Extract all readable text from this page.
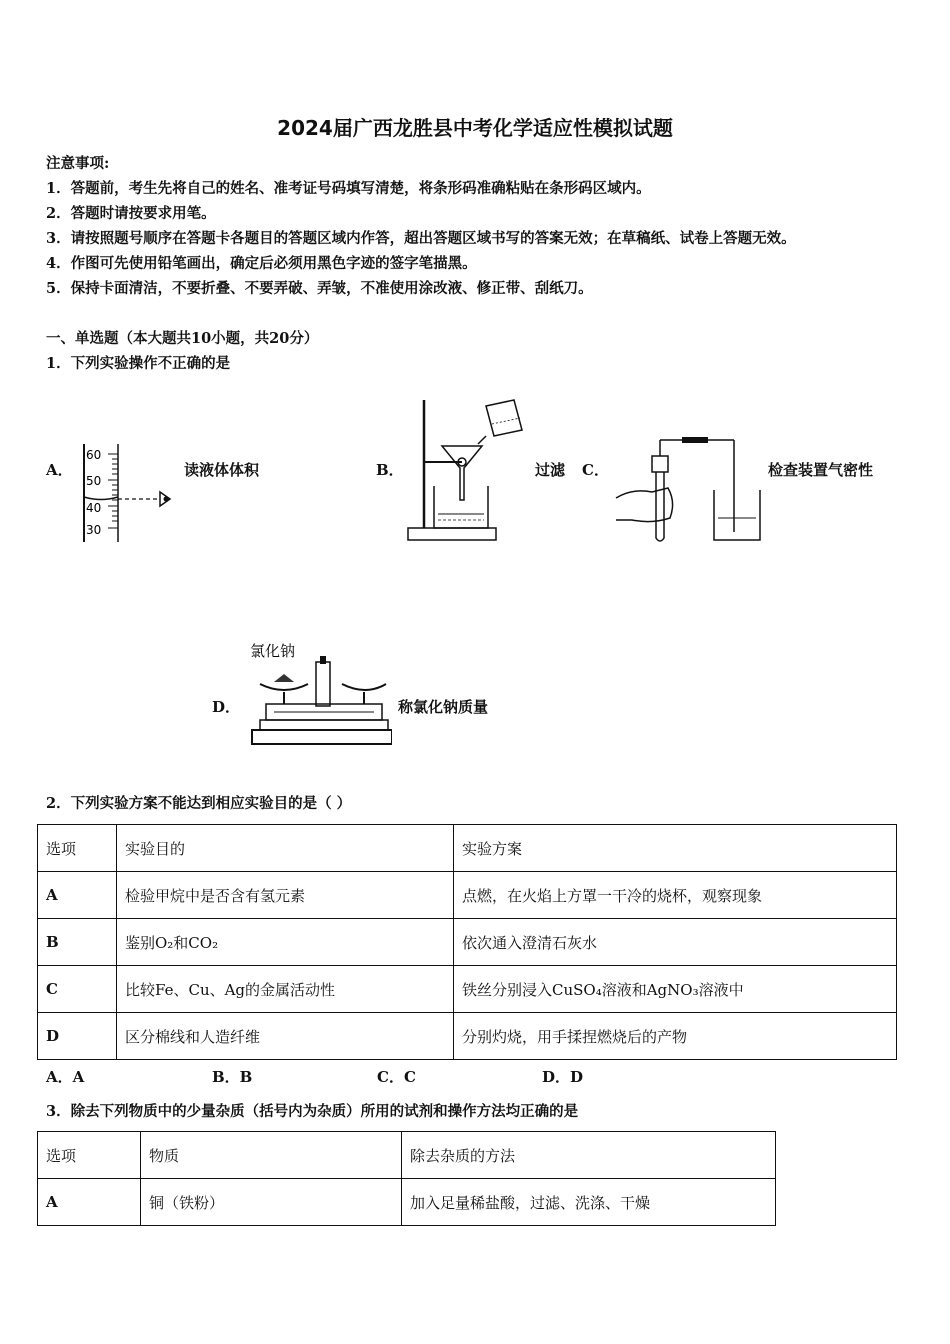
2024届广西龙胜县中考化学适应性模拟试题
注意事项:
1．答题前，考生先将自己的姓名、准考证号码填写清楚，将条形码准确粘贴在条形码区域内。
2．答题时请按要求用笔。
3．请按照题号顺序在答题卡各题目的答题区域内作答，超出答题区域书写的答案无效；在草稿纸、试卷上答题无效。
4．作图可先使用铅笔画出，确定后必须用黑色字迹的签字笔描黑。
5．保持卡面清洁，不要折叠、不要弄破、弄皱，不准使用涂改液、修正带、刮纸刀。
一、单选题（本大题共10小题，共20分）
1．下列实验操作不正确的是
A．	读液体体积	B．	过滤 C．	检查装置气密性
D．	称氯化钠质量
60
50
40
30
氯化钠
2．下列实验方案不能达到相应实验目的是（ ）
选项	实验目的	实验方案
A	检验甲烷中是否含有氢元素	点燃，在火焰上方罩一干冷的烧杯，观察现象
B	鉴别O₂和CO₂	依次通入澄清石灰水
C	比较Fe、Cu、Ag的金属活动性	铁丝分别浸入CuSO₄溶液和AgNO₃溶液中
D	区分棉线和人造纤维	分别灼烧，用手揉捏燃烧后的产物
A．A	B．B	C．C	D．D
3．除去下列物质中的少量杂质（括号内为杂质）所用的试剂和操作方法均正确的是
选项	物质	除去杂质的方法
A	铜（铁粉）	加入足量稀盐酸，过滤、洗涤、干燥
